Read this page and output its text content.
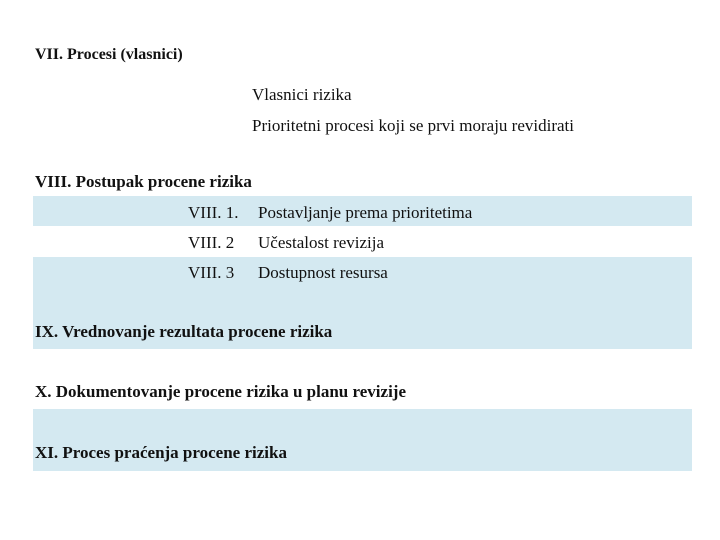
VII. Procesi (vlasnici)
Vlasnici rizika
Prioritetni procesi koji se prvi moraju revidirati
VIII. Postupak procene rizika
VIII. 1. Postavljanje prema prioritetima
VIII. 2 Učestalost revizija
VIII. 3 Dostupnost resursa
IX. Vrednovanje rezultata procene rizika
X. Dokumentovanje procene rizika u planu revizije
XI. Proces praćenja procene rizika
